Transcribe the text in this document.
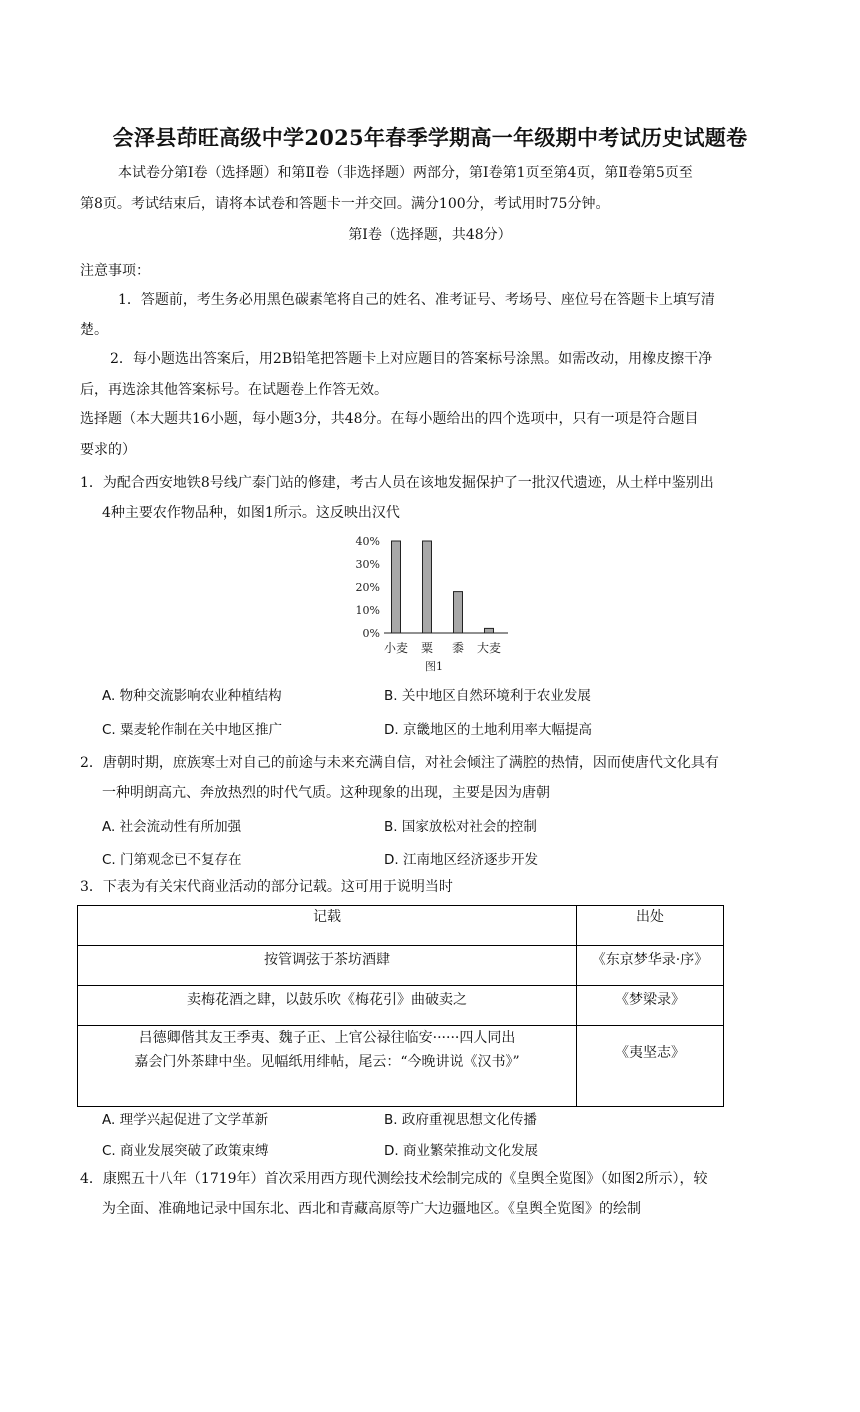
会泽县茚旺高级中学2025年春季学期高一年级期中考试历史试题卷
本试卷分第Ⅰ卷（选择题）和第Ⅱ卷（非选择题）两部分，第Ⅰ卷第1页至第4页，第Ⅱ卷第5页至
第8页。考试结束后，请将本试卷和答题卡一并交回。满分100分，考试用时75分钟。
第Ⅰ卷（选择题，共48分）
注意事项：
1．答题前，考生务必用黑色碳素笔将自己的姓名、准考证号、考场号、座位号在答题卡上填写清
楚。
2．每小题选出答案后，用2B铅笔把答题卡上对应题目的答案标号涂黑。如需改动，用橡皮擦干净
后，再选涂其他答案标号。在试题卷上作答无效。
选择题（本大题共16小题，每小题3分，共48分。在每小题给出的四个选项中，只有一项是符合题目
要求的）
1．为配合西安地铁8号线广泰门站的修建，考古人员在该地发掘保护了一批汉代遗迹，从土样中鉴别出
4种主要农作物品种，如图1所示。这反映出汉代
0%
10%
20%
30%
40%
小麦 粟 黍 大麦
图1
A. 物种交流影响农业种植结构	B. 关中地区自然环境利于农业发展
C. 粟麦轮作制在关中地区推广	D. 京畿地区的土地利用率大幅提高
2．唐朝时期，庶族寒士对自己的前途与未来充满自信，对社会倾注了满腔的热情，因而使唐代文化具有
一种明朗高亢、奔放热烈的时代气质。这种现象的出现，主要是因为唐朝
A. 社会流动性有所加强	B. 国家放松对社会的控制
C. 门第观念已不复存在	D. 江南地区经济逐步开发
3．下表为有关宋代商业活动的部分记载。这可用于说明当时
记载	出处
按管调弦于茶坊酒肆	《东京梦华录·序》
卖梅花酒之肆，以鼓乐吹《梅花引》曲破卖之	《梦梁录》

吕德卿偕其友王季夷、魏子正、上官公禄往临安······四人同出
嘉会门外茶肆中坐。见幅纸用绯帖，尾云：“今晚讲说《汉书》”	《夷坚志》
A. 理学兴起促进了文学革新	B. 政府重视思想文化传播
C. 商业发展突破了政策束缚	D. 商业繁荣推动文化发展
4．康熙五十八年（1719年）首次采用西方现代测绘技术绘制完成的《皇舆全览图》（如图2所示），较
为全面、准确地记录中国东北、西北和青藏高原等广大边疆地区。《皇舆全览图》的绘制
